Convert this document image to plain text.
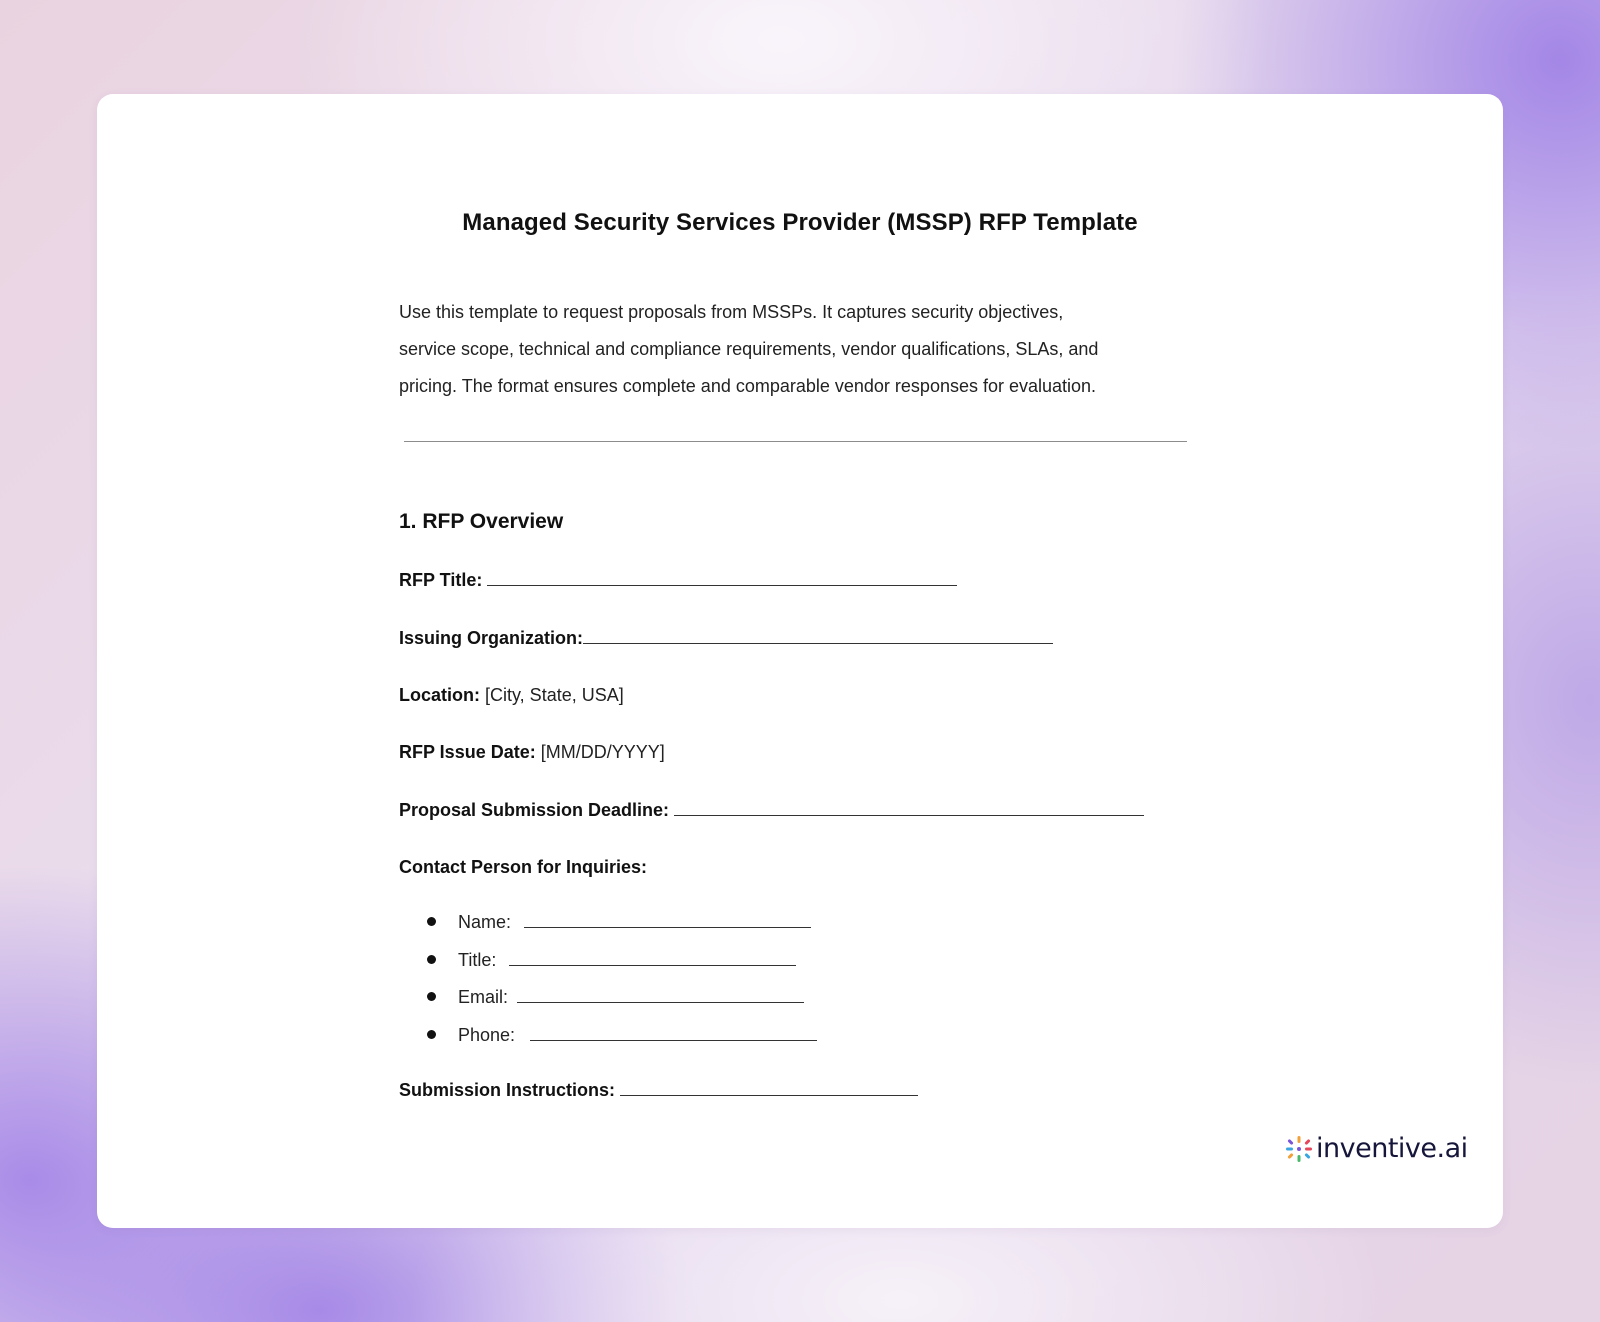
Managed Security Services Provider (MSSP) RFP Template

Use this template to request proposals from MSSPs. It captures security objectives,
service scope, technical and compliance requirements, vendor qualifications, SLAs, and
pricing. The format ensures complete and comparable vendor responses for evaluation.

1. RFP Overview
RFP Title:
Issuing Organization:
Location: [City, State, USA]
RFP Issue Date: [MM/DD/YYYY]
Proposal Submission Deadline:
Contact Person for Inquiries:
Name:
Title:
Email:
Phone:
Submission Instructions:
inventive.ai
